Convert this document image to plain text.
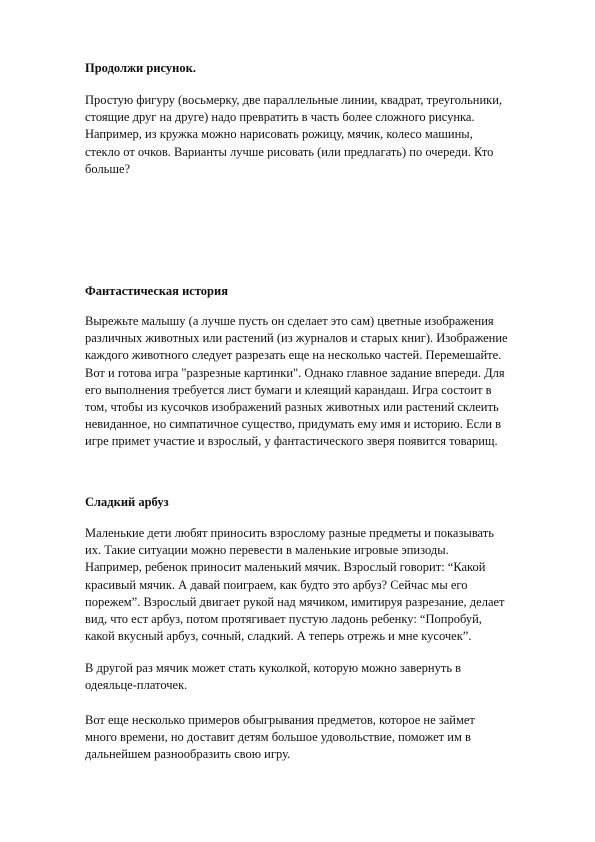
Продолжи рисунок.

Простую фигуру (восьмерку, две параллельные линии, квадрат, треугольники,
стоящие друг на друге) надо превратить в часть более сложного рисунка.
Например, из кружка можно нарисовать рожицу, мячик, колесо машины,
стекло от очков. Варианты лучше рисовать (или предлагать) по очереди. Кто
больше?

Фантастическая история

Вырежьте малышу (а лучше пусть он сделает это сам) цветные изображения
различных животных или растений (из журналов и старых книг). Изображение
каждого животного следует разрезать еще на несколько частей. Перемешайте.
Вот и готова игра "разрезные картинки". Однако главное задание впереди. Для
его выполнения требуется лист бумаги и клеящий карандаш. Игра состоит в
том, чтобы из кусочков изображений разных животных или растений склеить
невиданное, но симпатичное существо, придумать ему имя и историю. Если в
игре примет участие и взрослый, у фантастического зверя появится товарищ.

Сладкий арбуз

Маленькие дети любят приносить взрослому разные предметы и показывать
их. Такие ситуации можно перевести в маленькие игровые эпизоды.
Например, ребенок приносит маленький мячик. Взрослый говорит: “Какой
красивый мячик. А давай поиграем, как будто это арбуз? Сейчас мы его
порежем”. Взрослый двигает рукой над мячиком, имитируя разрезание, делает
вид, что ест арбуз, потом протягивает пустую ладонь ребенку: “Попробуй,
какой вкусный арбуз, сочный, сладкий. А теперь отрежь и мне кусочек”.

В другой раз мячик может стать куколкой, которую можно завернуть в
одеяльце-платочек.

Вот еще несколько примеров обыгрывания предметов, которое не займет
много времени, но доставит детям большое удовольствие, поможет им в
дальнейшем разнообразить свою игру.
